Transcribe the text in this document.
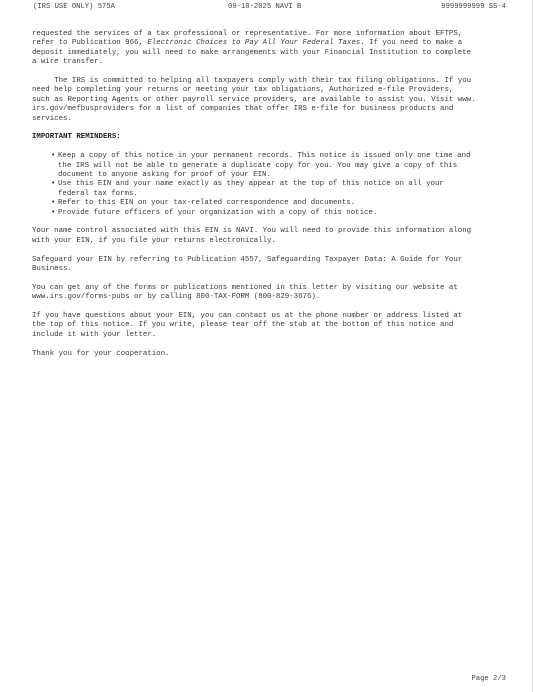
(IRS USE ONLY) 575A	09-18-2025 NAVI B	9999999999 SS-4
requested the services of a tax professional or representative. For more information about EFTPS,
refer to Publication 966, Electronic Choices to Pay All Your Federal Taxes. If you need to make a
deposit immediately, you will need to make arrangements with your Financial Institution to complete
a wire transfer.
The IRS is committed to helping all taxpayers comply with their tax filing obligations. If you
need help completing your returns or meeting your tax obligations, Authorized e-file Providers,
such as Reporting Agents or other payroll service providers, are available to assist you. Visit www.
irs.gov/mefbusproviders for a list of companies that offer IRS e-file for business products and
services.
IMPORTANT REMINDERS:
• Keep a copy of this notice in your permanent records. This notice is issued only one time and
the IRS will not be able to generate a duplicate copy for you. You may give a copy of this
document to anyone asking for proof of your EIN.
• Use this EIN and your name exactly as they appear at the top of this notice on all your
federal tax forms.
• Refer to this EIN on your tax-related correspondence and documents.
• Provide future officers of your organization with a copy of this notice.
Your name control associated with this EIN is NAVI. You will need to provide this information along
with your EIN, if you file your returns electronically.
Safeguard your EIN by referring to Publication 4557, Safeguarding Taxpayer Data: A Guide for Your
Business.
You can get any of the forms or publications mentioned in this letter by visiting our website at
www.irs.gov/forms-pubs or by calling 800-TAX-FORM (800-829-3676).
If you have questions about your EIN, you can contact us at the phone number or address listed at
the top of this notice. If you write, please tear off the stub at the bottom of this notice and
include it with your letter.
Thank you for your cooperation.
Page 2/3
